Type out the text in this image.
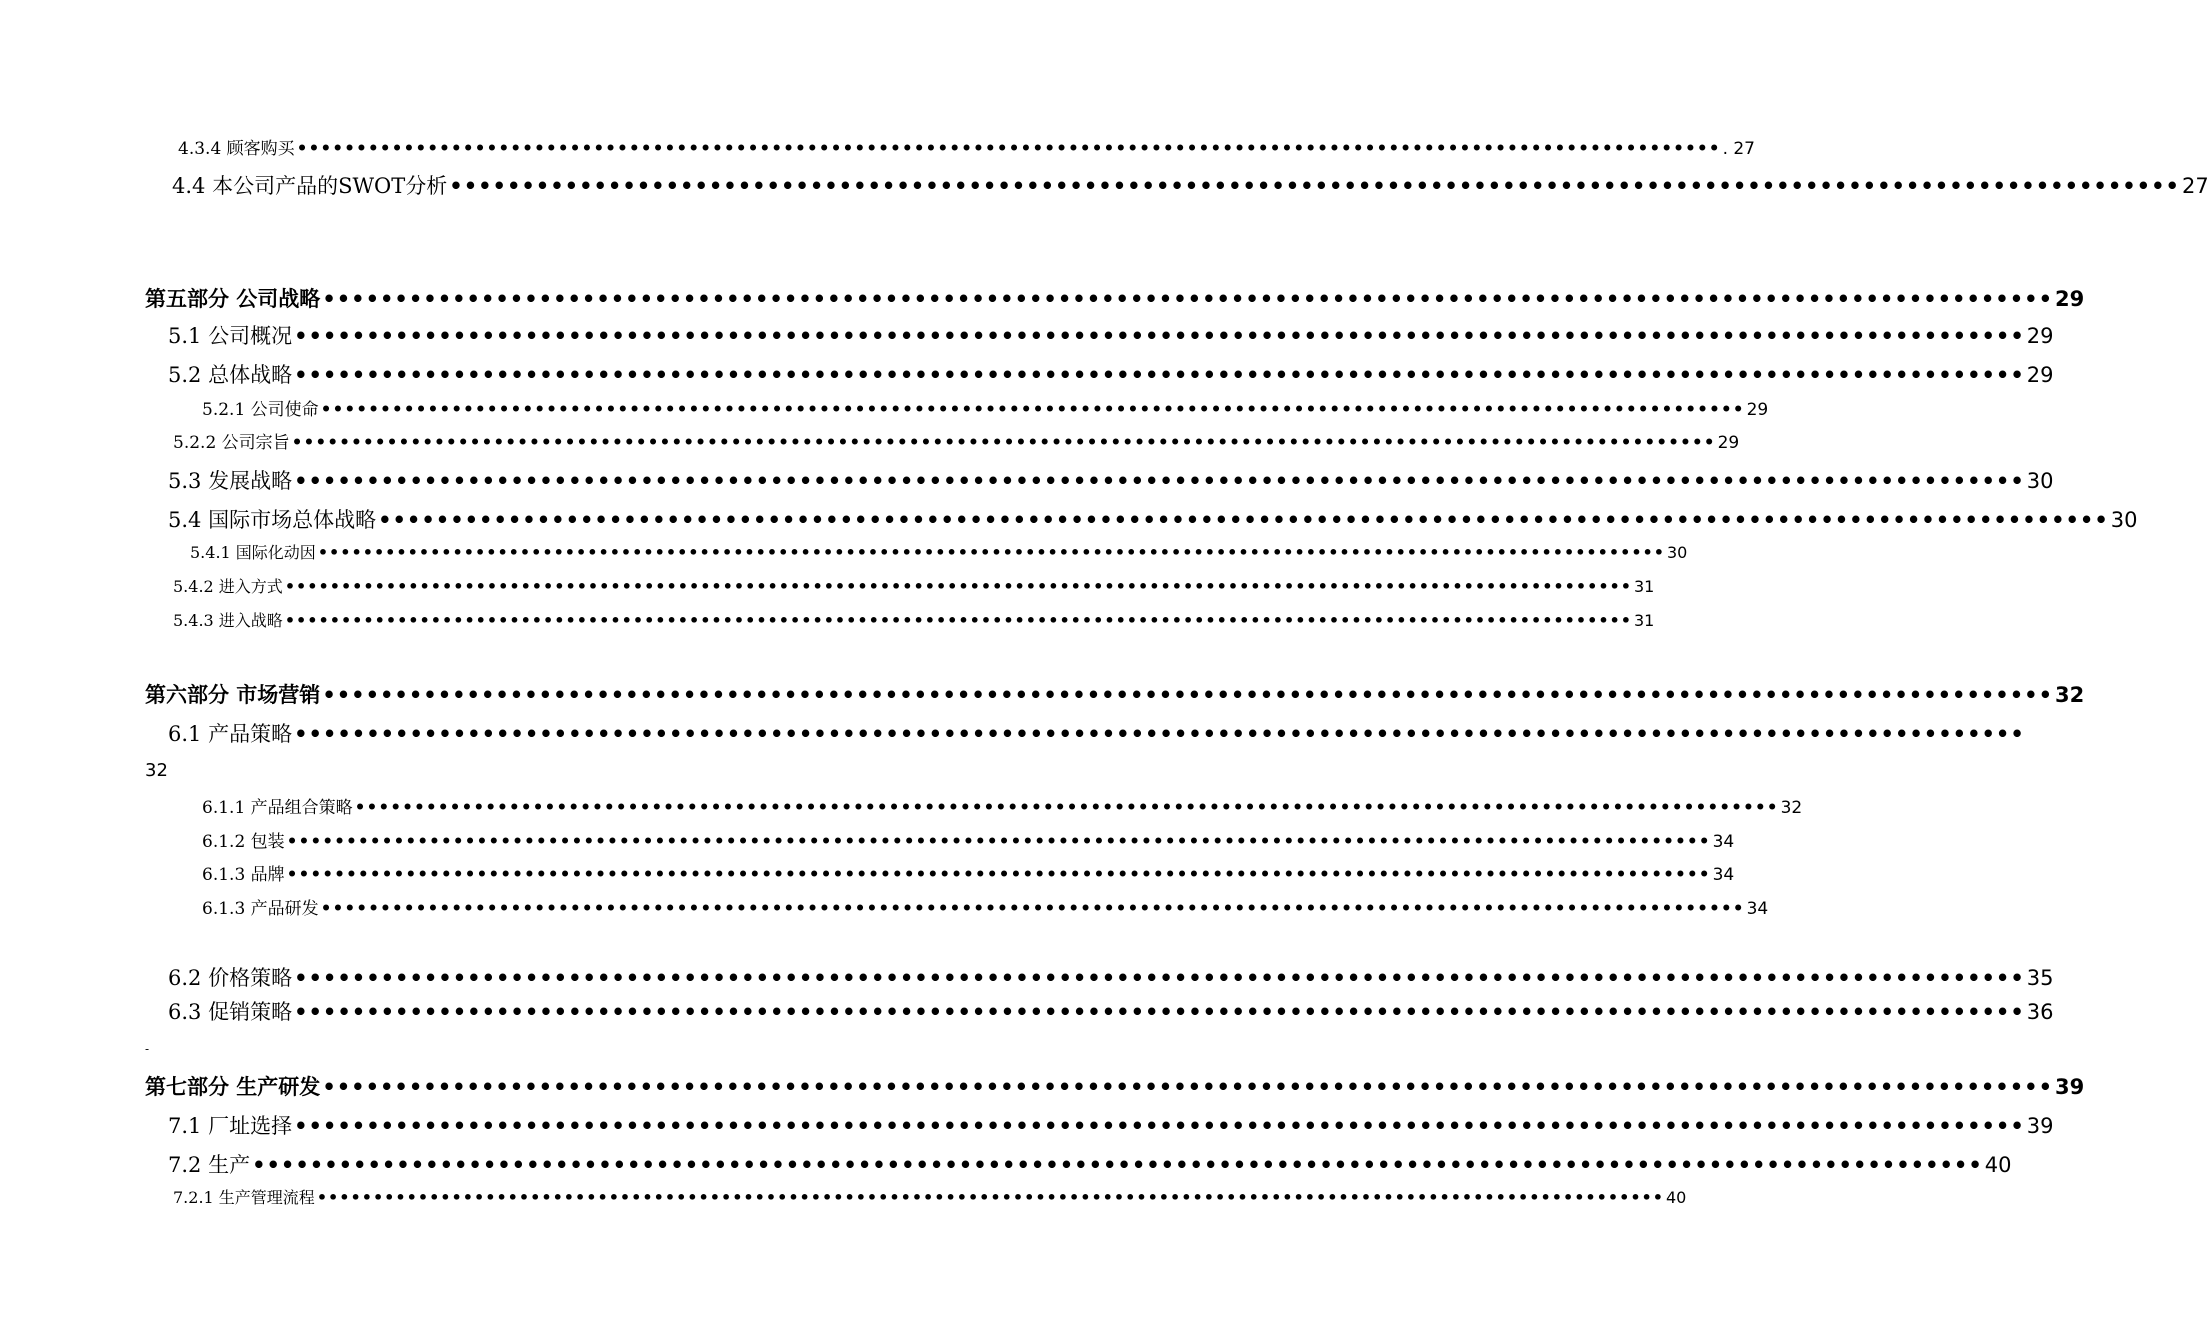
4.3.4 顾客购买 •••••••••••••••••••••••••••••••••••••••••••••••••••••••••••••••••••••••••••••••••••••••••••••••••••••••••••••••••••••••• . 27
4.4 本公司产品的SWOT分析 •••••••••••••••••••••••••••••••••••••••••••••••••••••••••••••••••••••••••••••••••••••••••••••••••••••••••••••••••••••••• 27
第五部分 公司战略 •••••••••••••••••••••••••••••••••••••••••••••••••••••••••••••••••••••••••••••••••••••••••••••••••••••••••••••••••••••••• 29
5.1 公司概况 •••••••••••••••••••••••••••••••••••••••••••••••••••••••••••••••••••••••••••••••••••••••••••••••••••••••••••••••••••••••• 29
5.2 总体战略 •••••••••••••••••••••••••••••••••••••••••••••••••••••••••••••••••••••••••••••••••••••••••••••••••••••••••••••••••••••••• 29
5.2.1 公司使命 •••••••••••••••••••••••••••••••••••••••••••••••••••••••••••••••••••••••••••••••••••••••••••••••••••••••••••••••••••••••• 29
5.2.2 公司宗旨 •••••••••••••••••••••••••••••••••••••••••••••••••••••••••••••••••••••••••••••••••••••••••••••••••••••••••••••••••••••••• 29
5.3 发展战略 •••••••••••••••••••••••••••••••••••••••••••••••••••••••••••••••••••••••••••••••••••••••••••••••••••••••••••••••••••••••• 30
5.4 国际市场总体战略 •••••••••••••••••••••••••••••••••••••••••••••••••••••••••••••••••••••••••••••••••••••••••••••••••••••••••••••••••••••••• 30
5.4.1 国际化动因 •••••••••••••••••••••••••••••••••••••••••••••••••••••••••••••••••••••••••••••••••••••••••••••••••••••••••••••••••••••••• 30
5.4.2 进入方式 •••••••••••••••••••••••••••••••••••••••••••••••••••••••••••••••••••••••••••••••••••••••••••••••••••••••••••••••••••••••• 31
5.4.3 进入战略 •••••••••••••••••••••••••••••••••••••••••••••••••••••••••••••••••••••••••••••••••••••••••••••••••••••••••••••••••••••••• 31
第六部分 市场营销 •••••••••••••••••••••••••••••••••••••••••••••••••••••••••••••••••••••••••••••••••••••••••••••••••••••••••••••••••••••••• 32
6.1 产品策略 ••••••••••••••••••••••••••••••••••••••••••••••••••••••••••••••••••••••••••••••••••••••••••••••••••••••••••••••••••••••••
32
6.1.1 产品组合策略 •••••••••••••••••••••••••••••••••••••••••••••••••••••••••••••••••••••••••••••••••••••••••••••••••••••••••••••••••••••••• 32
6.1.2 包装 •••••••••••••••••••••••••••••••••••••••••••••••••••••••••••••••••••••••••••••••••••••••••••••••••••••••••••••••••••••••• 34
6.1.3 品牌 •••••••••••••••••••••••••••••••••••••••••••••••••••••••••••••••••••••••••••••••••••••••••••••••••••••••••••••••••••••••• 34
6.1.3 产品研发 •••••••••••••••••••••••••••••••••••••••••••••••••••••••••••••••••••••••••••••••••••••••••••••••••••••••••••••••••••••••• 34
6.2 价格策略 •••••••••••••••••••••••••••••••••••••••••••••••••••••••••••••••••••••••••••••••••••••••••••••••••••••••••••••••••••••••• 35
6.3 促销策略 •••••••••••••••••••••••••••••••••••••••••••••••••••••••••••••••••••••••••••••••••••••••••••••••••••••••••••••••••••••••• 36
-
第七部分 生产研发 •••••••••••••••••••••••••••••••••••••••••••••••••••••••••••••••••••••••••••••••••••••••••••••••••••••••••••••••••••••••• 39
7.1 厂址选择 •••••••••••••••••••••••••••••••••••••••••••••••••••••••••••••••••••••••••••••••••••••••••••••••••••••••••••••••••••••••• 39
7.2 生产 •••••••••••••••••••••••••••••••••••••••••••••••••••••••••••••••••••••••••••••••••••••••••••••••••••••••••••••••••••••••• 40
7.2.1 生产管理流程 •••••••••••••••••••••••••••••••••••••••••••••••••••••••••••••••••••••••••••••••••••••••••••••••••••••••••••••••••••••••• 40
